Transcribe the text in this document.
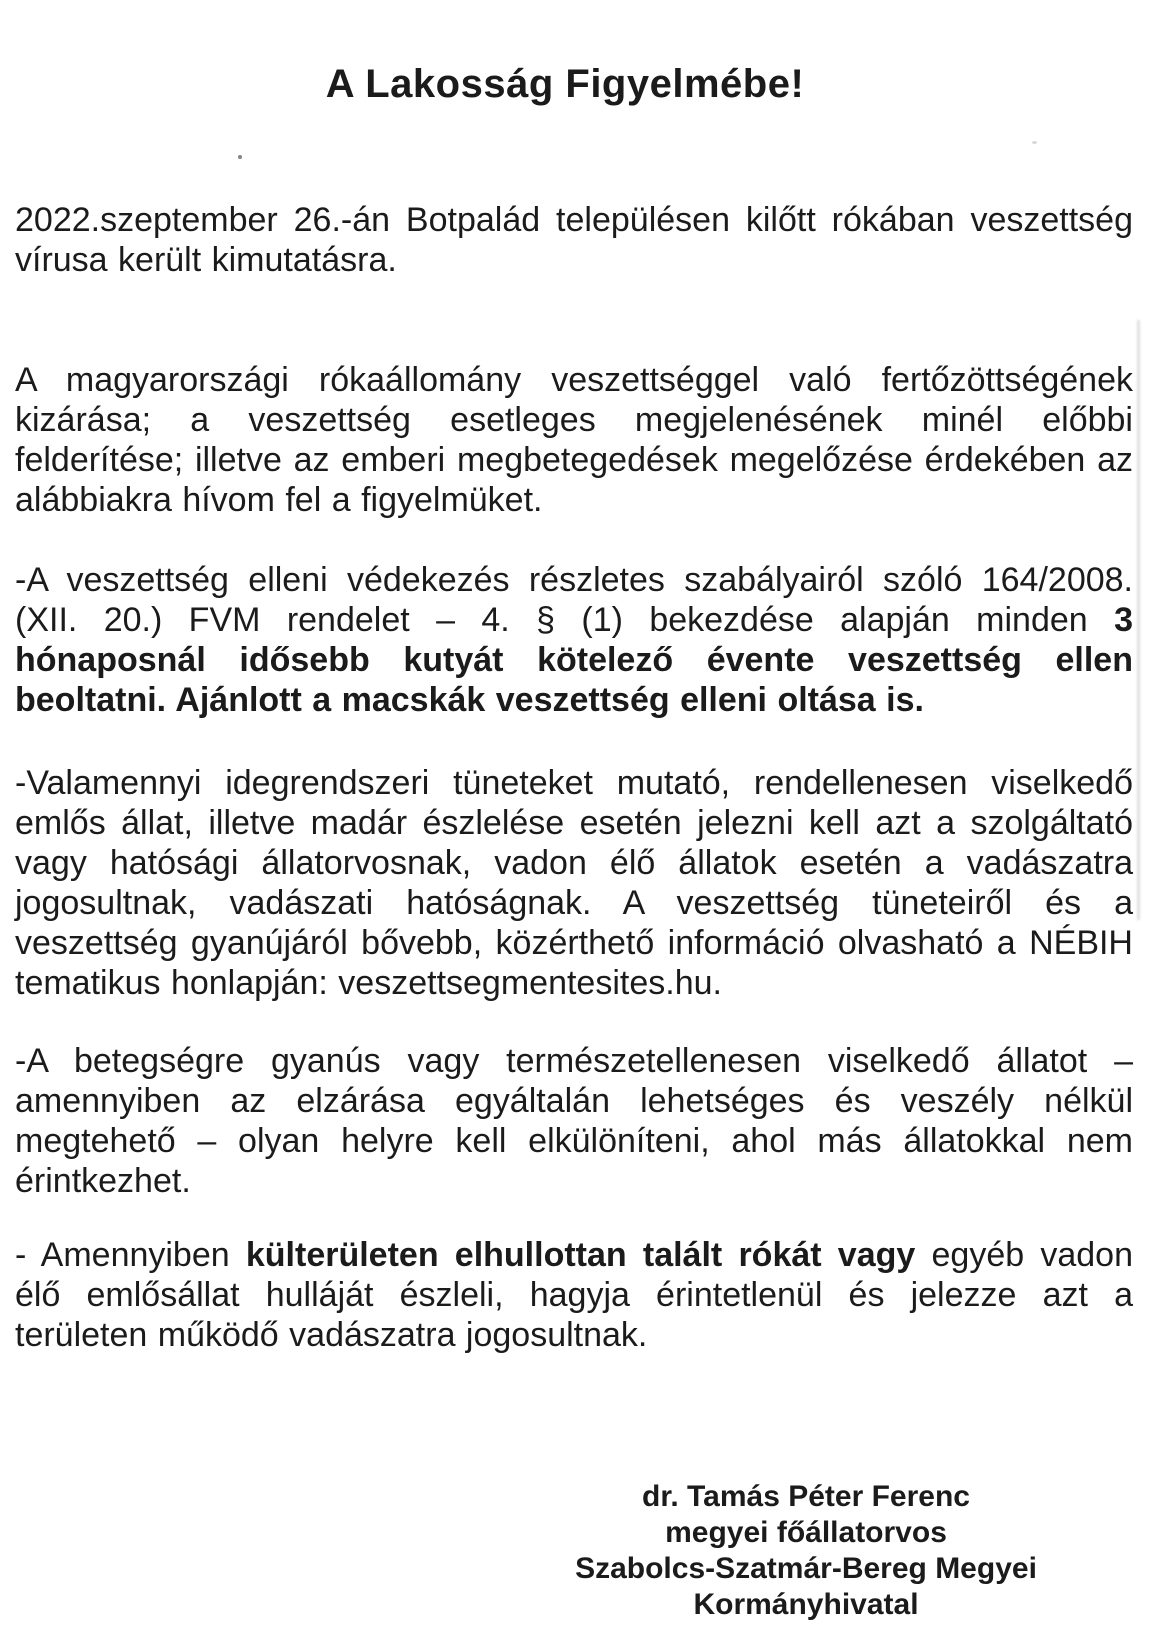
A Lakosság Figyelmébe!

2022.szeptember 26.-án Botpalád településen kilőtt rókában veszettség vírusa került kimutatásra.

A magyarországi rókaállomány veszettséggel való fertőzöttségének kizárása; a veszettség esetleges megjelenésének minél előbbi felderítése; illetve az emberi megbetegedések megelőzése érdekében az alábbiakra hívom fel a figyelmüket.

-A veszettség elleni védekezés részletes szabályairól szóló 164/2008. (XII. 20.) FVM rendelet – 4. § (1) bekezdése alapján minden 3 hónaposnál idősebb kutyát kötelező évente veszettség ellen beoltatni. Ajánlott a macskák veszettség elleni oltása is.

-Valamennyi idegrendszeri tüneteket mutató, rendellenesen viselkedő emlős állat, illetve madár észlelése esetén jelezni kell azt a szolgáltató vagy hatósági állatorvosnak, vadon élő állatok esetén a vadászatra jogosultnak, vadászati hatóságnak. A veszettség tüneteiről és a veszettség gyanújáról bővebb, közérthető információ olvasható a NÉBIH tematikus honlapján: veszettsegmentesites.hu.

-A betegségre gyanús vagy természetellenesen viselkedő állatot – amennyiben az elzárása egyáltalán lehetséges és veszély nélkül megtehető – olyan helyre kell elkülöníteni, ahol más állatokkal nem érintkezhet.

- Amennyiben külterületen elhullottan talált rókát vagy egyéb vadon élő emlősállat hulláját észleli, hagyja érintetlenül és jelezze azt a területen működő vadászatra jogosultnak.

dr. Tamás Péter Ferenc
megyei főállatorvos
Szabolcs-Szatmár-Bereg Megyei
Kormányhivatal
